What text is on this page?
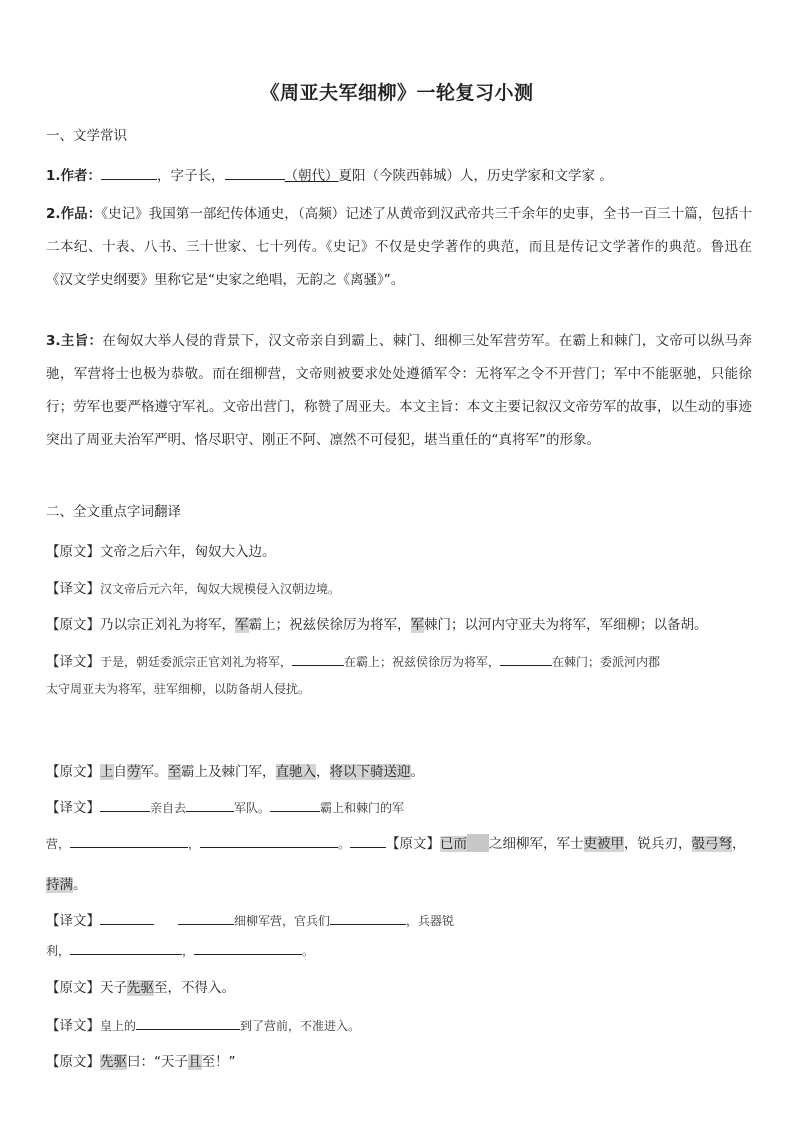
《周亚夫军细柳》一轮复习小测
一、文学常识
1.作者：	，字子长，	（朝代）夏阳（今陕西韩城）人，历史学家和文学家 。
2.作品：《史记》我国第一部纪传体通史，（高频）记述了从黄帝到汉武帝共三千余年的史事，全书一百三十篇，包括十二本纪、十表、八书、三十世家、七十列传。《史记》不仅是史学著作的典范，而且是传记文学著作的典范。鲁迅在《汉文学史纲要》里称它是“史家之绝唱，无韵之《离骚》”。
3.主旨：在匈奴大举人侵的背景下，汉文帝亲自到霸上、棘门、细柳三处军营劳军。在霸上和棘门，文帝可以纵马奔驰，军营将士也极为恭敬。而在细柳营，文帝则被要求处处遵循军令：无将军之令不开营门；军中不能驱驰，只能徐行；劳军也要严格遵守军礼。文帝出营门，称赞了周亚夫。本文主旨：本文主要记叙汉文帝劳军的故事，以生动的事迹突出了周亚夫治军严明、恪尽职守、刚正不阿、凛然不可侵犯，堪当重任的“真将军”的形象。
二、全文重点字词翻译
【原文】文帝之后六年，匈奴大入边。
【译文】汉文帝后元六年，匈奴大规模侵入汉朝边境。
【原文】乃以宗正刘礼为将军，军霸上；祝兹侯徐厉为将军，军棘门；以河内守亚夫为将军，军细柳；以备胡。
【译文】于是，朝廷委派宗正官刘礼为将军，	在霸上；祝兹侯徐厉为将军，	在棘门；委派河内郡
太守周亚夫为将军，驻军细柳，以防备胡人侵扰。
【原文】上自劳军。至霸上及棘门军，直驰入，将以下骑送迎。
【译文】	亲自去	军队。	霸上和棘门的军
营，	，	。	【原文】已而 之细柳军，军士吏被甲，锐兵刃，彀弓弩，
持满。
【译文】	细柳军营，官兵们	，兵器锐
利，	，	。
【原文】天子先驱至，不得入。
【译文】皇上的	到了营前，不准进入。
【原文】先驱曰：“天子且至！”
